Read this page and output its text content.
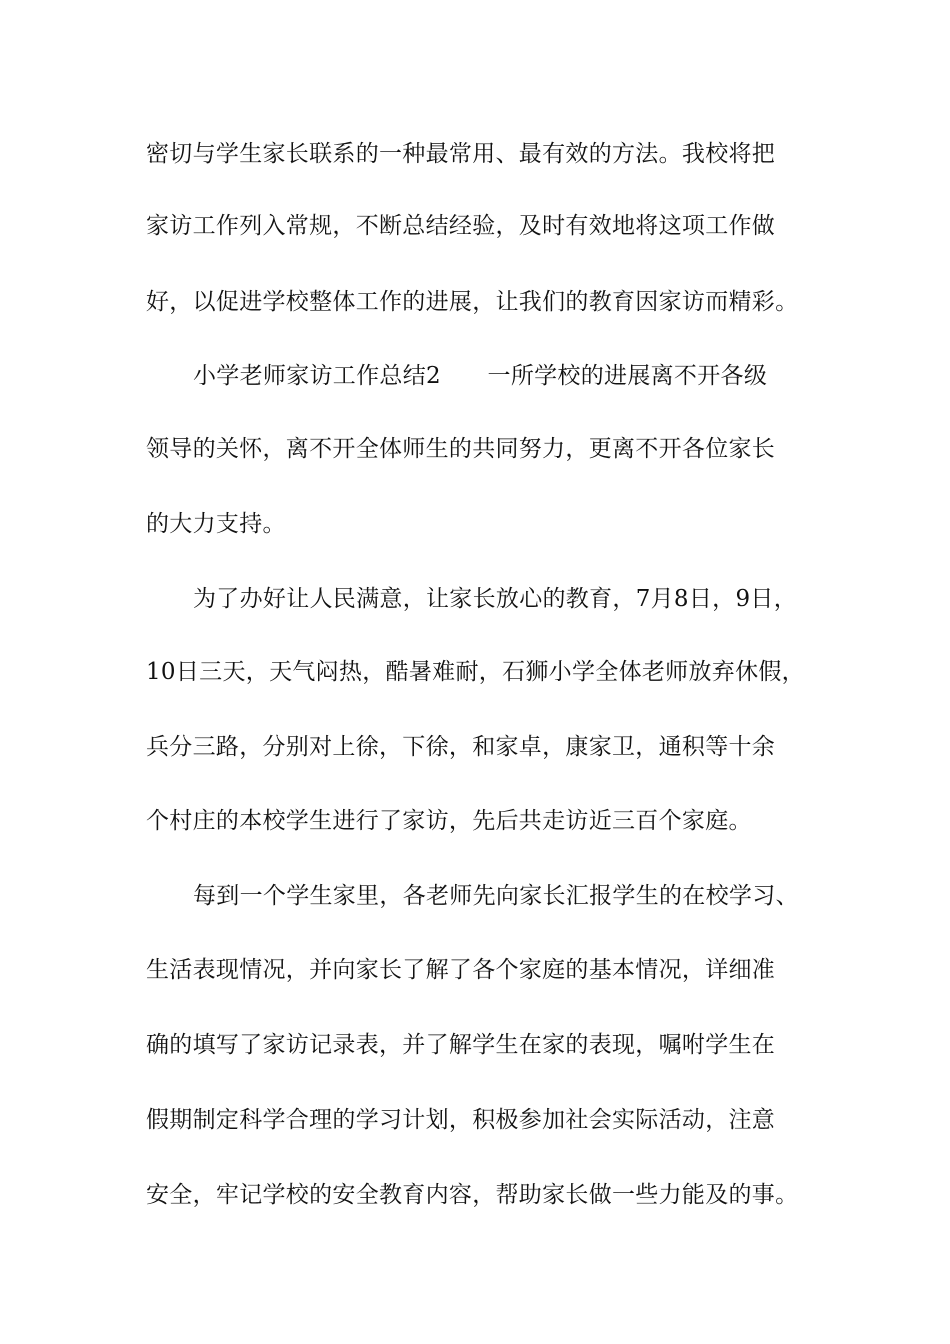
密切与学生家长联系的一种最常用、最有效的方法。我校将把
家访工作列入常规，不断总结经验，及时有效地将这项工作做
好，以促进学校整体工作的进展，让我们的教育因家访而精彩。
小学老师家访工作总结2　　一所学校的进展离不开各级
领导的关怀，离不开全体师生的共同努力，更离不开各位家长
的大力支持。
为了办好让人民满意，让家长放心的教育，7月8日，9日，
10日三天，天气闷热，酷暑难耐，石狮小学全体老师放弃休假，
兵分三路，分别对上徐，下徐，和家卓，康家卫，通积等十余
个村庄的本校学生进行了家访，先后共走访近三百个家庭。
每到一个学生家里，各老师先向家长汇报学生的在校学习、
生活表现情况，并向家长了解了各个家庭的基本情况，详细准
确的填写了家访记录表，并了解学生在家的表现，嘱咐学生在
假期制定科学合理的学习计划，积极参加社会实际活动，注意
安全，牢记学校的安全教育内容，帮助家长做一些力能及的事。
